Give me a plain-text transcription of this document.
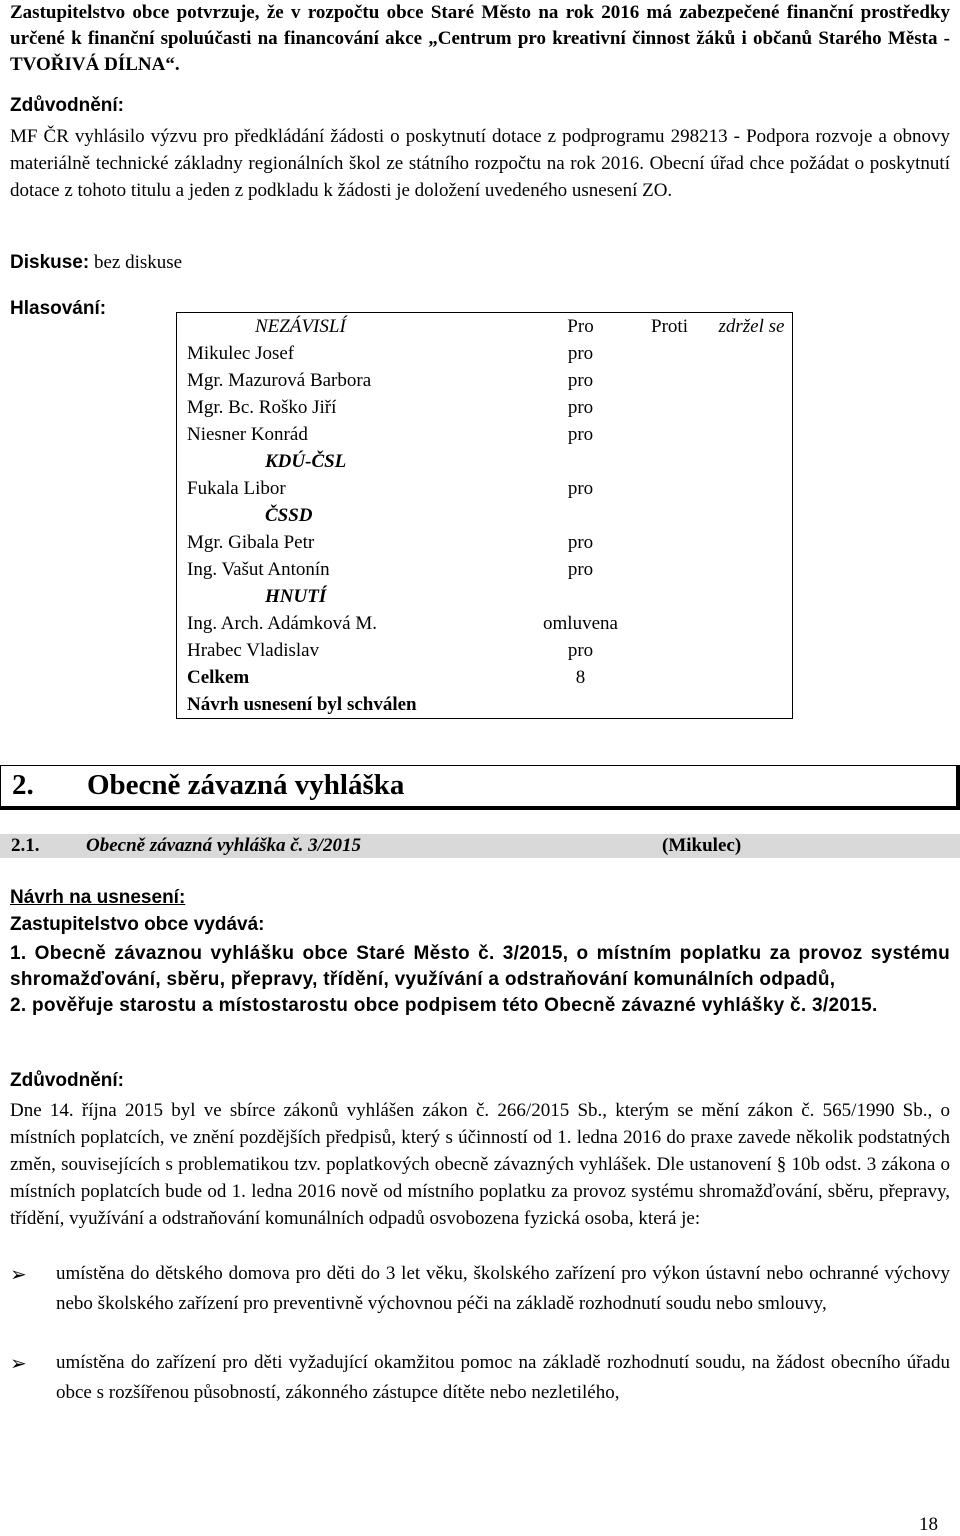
Zastupitelstvo obce potvrzuje, že v rozpočtu obce Staré Město na rok 2016 má zabezpečené finanční prostředky určené k finanční spoluúčasti na financování akce „Centrum pro kreativní činnost žáků i občanů Starého Města - TVOŘIVÁ DÍLNA“.

Zdůvodnění:

MF ČR vyhlásilo výzvu pro předkládání žádosti o poskytnutí dotace z podprogramu 298213 - Podpora rozvoje a obnovy materiálně technické základny regionálních škol ze státního rozpočtu na rok 2016. Obecní úřad chce požádat o poskytnutí dotace z tohoto titulu a jeden z podkladu k žádosti je doložení uvedeného usnesení ZO.

Diskuse: bez diskuse

Hlasování:

NEZÁVISLÍ	Pro	Proti	zdržel se
Mikulec Josef	pro		
Mgr. Mazurová Barbora	pro		
Mgr. Bc. Roško Jiří	pro		
Niesner Konrád	pro		
KDÚ-ČSL			
Fukala Libor	pro		
ČSSD			
Mgr. Gibala Petr	pro		
Ing. Vašut Antonín	pro		
HNUTÍ			
Ing. Arch. Adámková M.	omluvena		
Hrabec Vladislav	pro		
Celkem	8		
Návrh usnesení byl schválen			
2. Obecně závazná vyhláška
2.1. Obecně závazná vyhláška č. 3/2015	(Mikulec)

Návrh na usnesení:

Zastupitelstvo obce vydává:

1. Obecně závaznou vyhlášku obce Staré Město č. 3/2015, o místním poplatku za provoz systému shromažďování, sběru, přepravy, třídění, využívání a odstraňování komunálních odpadů,

2. pověřuje starostu a místostarostu obce podpisem této Obecně závazné vyhlášky č. 3/2015.

Zdůvodnění:

Dne 14. října 2015 byl ve sbírce zákonů vyhlášen zákon č. 266/2015 Sb., kterým se mění zákon č. 565/1990 Sb., o místních poplatcích, ve znění pozdějších předpisů, který s účinností od 1. ledna 2016 do praxe zavede několik podstatných změn, souvisejících s problematikou tzv. poplatkových obecně závazných vyhlášek. Dle ustanovení § 10b odst. 3 zákona o místních poplatcích bude od 1. ledna 2016 nově od místního poplatku za provoz systému shromažďování, sběru, přepravy, třídění, využívání a odstraňování komunálních odpadů osvobozena fyzická osoba, která je:

➢	umístěna do dětského domova pro děti do 3 let věku, školského zařízení pro výkon ústavní nebo ochranné výchovy nebo školského zařízení pro preventivně výchovnou péči na základě rozhodnutí soudu nebo smlouvy,

➢	umístěna do zařízení pro děti vyžadující okamžitou pomoc na základě rozhodnutí soudu, na žádost obecního úřadu obce s rozšířenou působností, zákonného zástupce dítěte nebo nezletilého,

18
